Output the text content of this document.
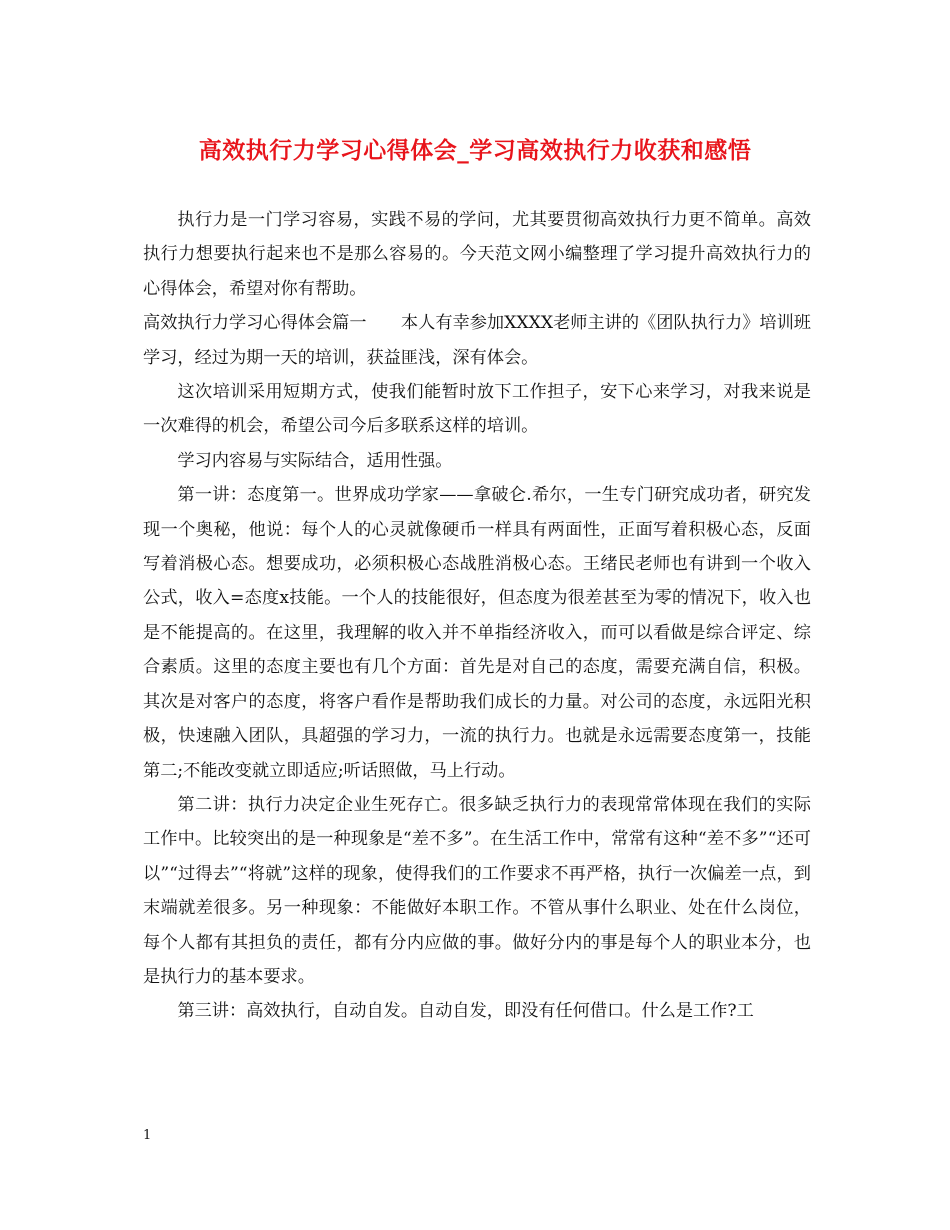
高效执行力学习心得体会_学习高效执行力收获和感悟

执行力是一门学习容易，实践不易的学问，尤其要贯彻高效执行力更不简单。高效执行力想要执行起来也不是那么容易的。今天范文网小编整理了学习提升高效执行力的心得体会，希望对你有帮助。

高效执行力学习心得体会篇一　　本人有幸参加XXXX老师主讲的《团队执行力》培训班学习，经过为期一天的培训，获益匪浅，深有体会。

这次培训采用短期方式，使我们能暂时放下工作担子，安下心来学习，对我来说是一次难得的机会，希望公司今后多联系这样的培训。

学习内容易与实际结合，适用性强。

第一讲：态度第一。世界成功学家——拿破仑.希尔，一生专门研究成功者，研究发现一个奥秘，他说：每个人的心灵就像硬币一样具有两面性，正面写着积极心态，反面写着消极心态。想要成功，必须积极心态战胜消极心态。王绪民老师也有讲到一个收入公式，收入=态度x技能。一个人的技能很好，但态度为很差甚至为零的情况下，收入也是不能提高的。在这里，我理解的收入并不单指经济收入，而可以看做是综合评定、综合素质。这里的态度主要也有几个方面：首先是对自己的态度，需要充满自信，积极。其次是对客户的态度，将客户看作是帮助我们成长的力量。对公司的态度，永远阳光积极，快速融入团队，具超强的学习力，一流的执行力。也就是永远需要态度第一，技能第二;不能改变就立即适应;听话照做，马上行动。

第二讲：执行力决定企业生死存亡。很多缺乏执行力的表现常常体现在我们的实际工作中。比较突出的是一种现象是“差不多”。在生活工作中，常常有这种“差不多”“还可以”“过得去”“将就”这样的现象，使得我们的工作要求不再严格，执行一次偏差一点，到末端就差很多。另一种现象：不能做好本职工作。不管从事什么职业、处在什么岗位，每个人都有其担负的责任，都有分内应做的事。做好分内的事是每个人的职业本分，也是执行力的基本要求。

第三讲：高效执行，自动自发。自动自发，即没有任何借口。什么是工作?工

1
